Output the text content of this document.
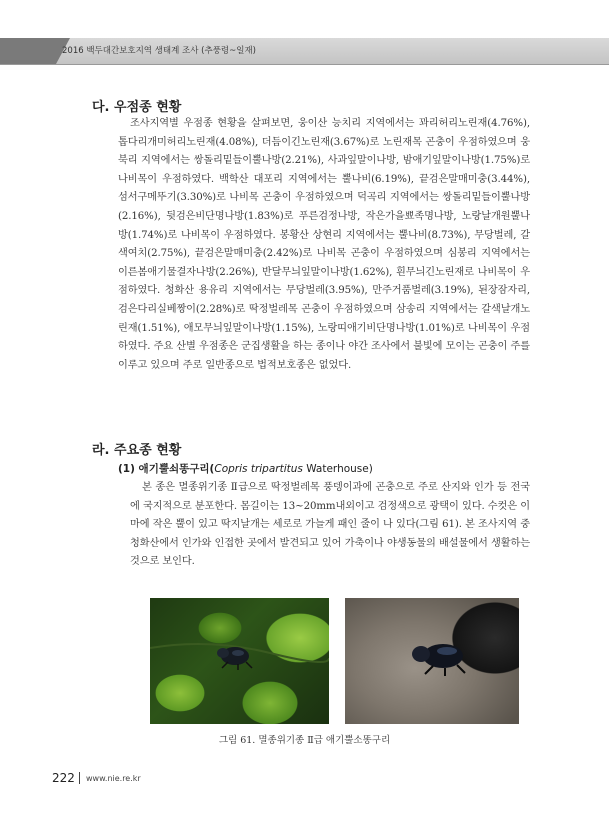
2016 백두대간보호지역 생태계 조사 (추풍령~일재)
다. 우점종 현황

조사지역별 우점종 현황을 살펴보면, 웅이산 능치리 지역에서는 꽈리허리노린재(4.76%), 톱다리개미허리노린재(4.08%), 더듬이긴노린재(3.67%)로 노린재목 곤충이 우점하였으며 웅북리 지역에서는 쌍돌리밑들이뿔나방(2.21%), 사과잎말이나방, 밤애기잎말이나방(1.75%)로 나비목이 우점하였다. 백학산 대포리 지역에서는 뿔나비(6.19%), 끝검은말매미충(3.44%), 섬서구메뚜기(3.30%)로 나비목 곤충이 우점하였으며 덕곡리 지역에서는 쌍돌리밑들이뿔나방(2.16%), 뒷검은비단명나방(1.83%)로 푸른검정나방, 작은가을뾰족명나방, 노랑날개원뿔나방(1.74%)로 나비목이 우점하였다. 봉황산 상현리 지역에서는 뿔나비(8.73%), 무당벌레, 갈색여치(2.75%), 끝검은말매미충(2.42%)로 나비목 곤충이 우점하였으며 심봉리 지역에서는 이른봄애기물결자나방(2.26%), 반달무늬잎말이나방(1.62%), 흰무늬긴노린재로 나비목이 우점하였다. 청화산 용유리 지역에서는 무당벌레(3.95%), 만주거품벌레(3.19%), 된장잠자리, 검은다리실베짱이(2.28%)로 딱정벌레목 곤충이 우점하였으며 삼송리 지역에서는 갈색날개노린재(1.51%), 애모무늬잎말이나방(1.15%), 노랑띠애기비단명나방(1.01%)로 나비목이 우점하였다. 주요 산별 우점종은 군집생활을 하는 종이나 야간 조사에서 불빛에 모이는 곤충이 주를 이루고 있으며 주로 일반종으로 법적보호종은 없었다.

라. 주요종 현황
(1) 애기뿔쇠똥구리(Copris tripartitus Waterhouse)

본 종은 멸종위기종 Ⅱ급으로 딱정벌레목 풍뎅이과에 곤충으로 주로 산지와 인가 등 전국에 국지적으로 분포한다. 몸길이는 13~20mm내외이고 검정색으로 광택이 있다. 수컷은 이마에 작은 뿔이 있고 딱지날개는 세로로 가늘게 패인 줄이 나 있다(그림 61). 본 조사지역 중 청화산에서 인가와 인접한 곳에서 발견되고 있어 가축이나 야생동물의 배설물에서 생활하는 것으로 보인다.

그림 61. 멸종위기종 Ⅱ급 애기뿔소똥구리
222 www.nie.re.kr
